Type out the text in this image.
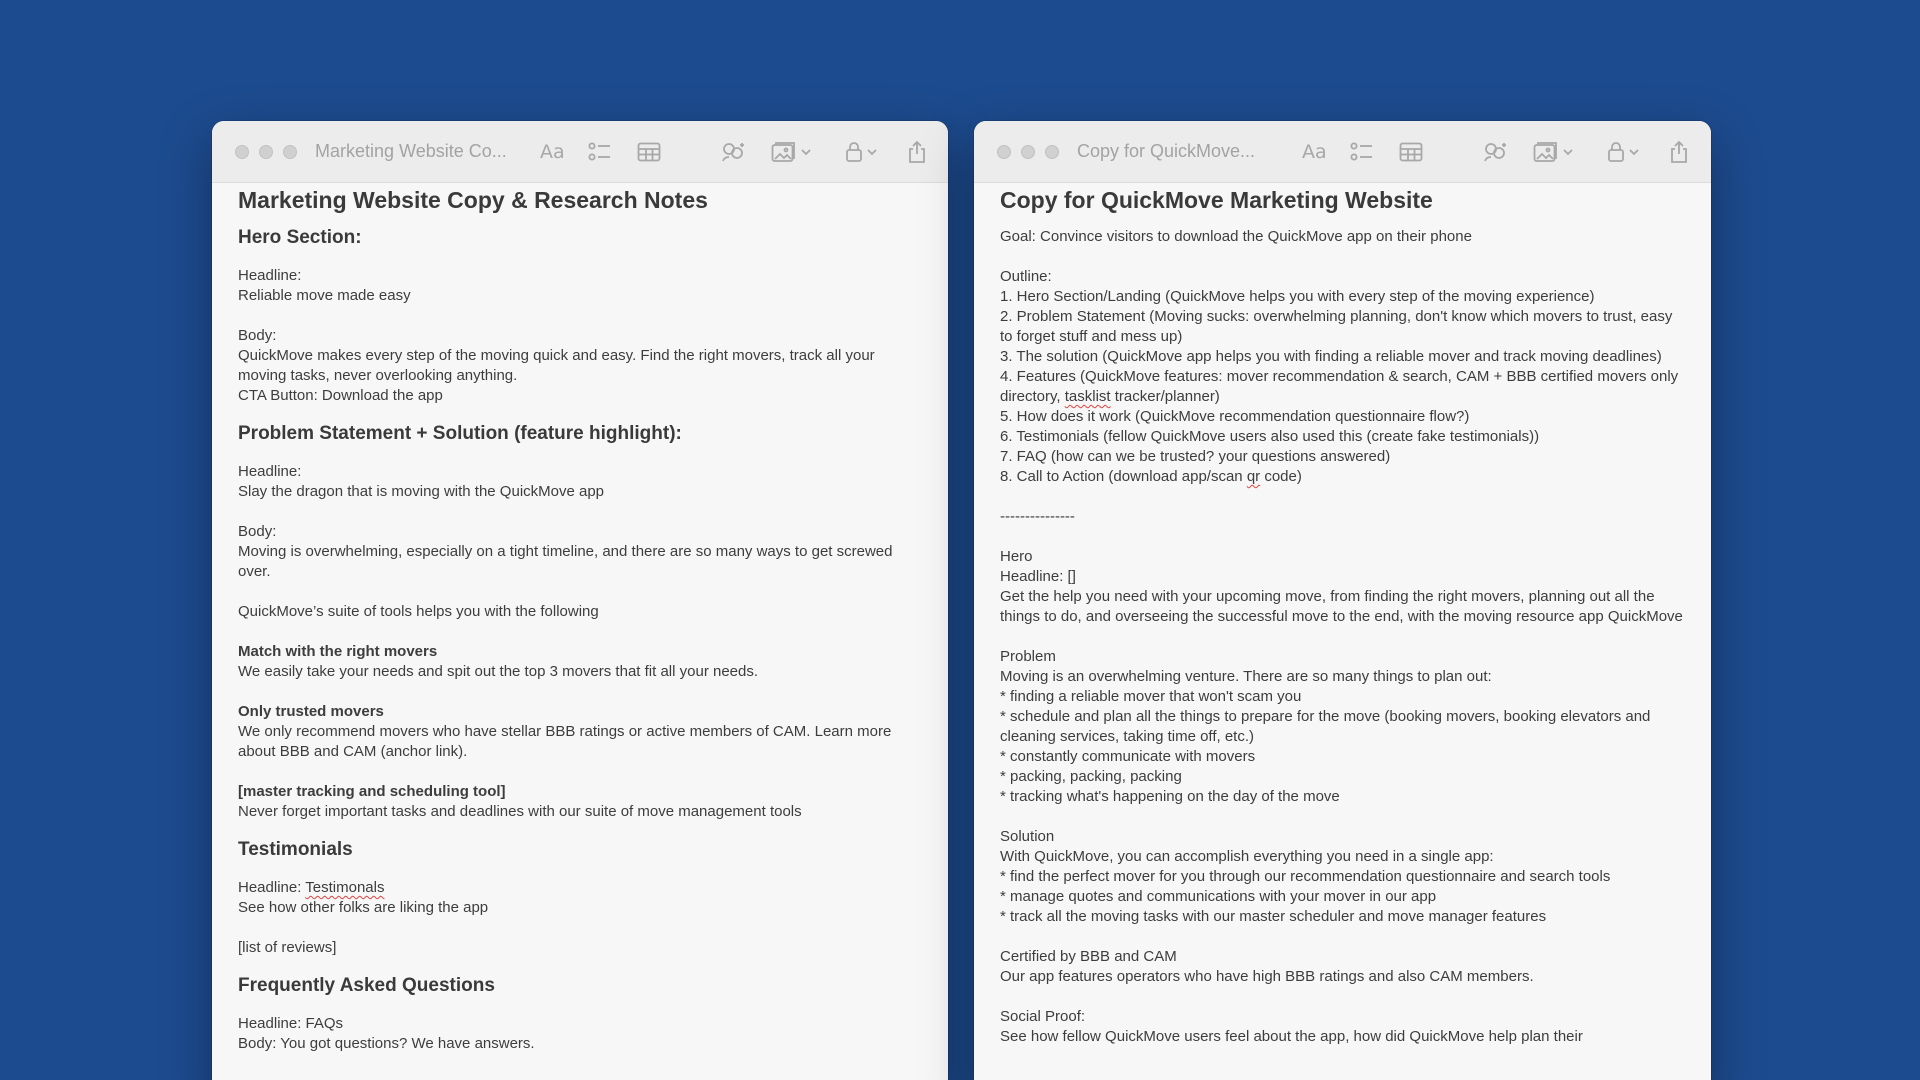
Marketing Website Co...	Aa
Marketing Website Copy & Research Notes
Hero Section:
Headline:
Reliable move made easy
Body:
QuickMove makes every step of the moving quick and easy. Find the right movers, track all your moving tasks, never overlooking anything.
CTA Button: Download the app
Problem Statement + Solution (feature highlight):
Headline:
Slay the dragon that is moving with the QuickMove app
Body:
Moving is overwhelming, especially on a tight timeline, and there are so many ways to get screwed over.
QuickMove’s suite of tools helps you with the following
Match with the right movers
We easily take your needs and spit out the top 3 movers that fit all your needs.
Only trusted movers
We only recommend movers who have stellar BBB ratings or active members of CAM. Learn more about BBB and CAM (anchor link).
[master tracking and scheduling tool]
Never forget important tasks and deadlines with our suite of move management tools
Testimonials
Headline: Testimonals
See how other folks are liking the app
[list of reviews]
Frequently Asked Questions
Headline: FAQs
Body: You got questions? We have answers.
Copy for QuickMove...	Aa
Copy for QuickMove Marketing Website
Goal: Convince visitors to download the QuickMove app on their phone
Outline:
1. Hero Section/Landing (QuickMove helps you with every step of the moving experience)
2. Problem Statement (Moving sucks: overwhelming planning, don't know which movers to trust, easy to forget stuff and mess up)
3. The solution (QuickMove app helps you with finding a reliable mover and track moving deadlines)
4. Features (QuickMove features: mover recommendation & search, CAM + BBB certified movers only directory, tasklist tracker/planner)
5. How does it work (QuickMove recommendation questionnaire flow?)
6. Testimonials (fellow QuickMove users also used this (create fake testimonials))
7. FAQ (how can we be trusted? your questions answered)
8. Call to Action (download app/scan qr code)
---------------
Hero
Headline: []
Get the help you need with your upcoming move, from finding the right movers, planning out all the things to do, and overseeing the successful move to the end, with the moving resource app QuickMove
Problem
Moving is an overwhelming venture. There are so many things to plan out:
* finding a reliable mover that won't scam you
* schedule and plan all the things to prepare for the move (booking movers, booking elevators and cleaning services, taking time off, etc.)
* constantly communicate with movers
* packing, packing, packing
* tracking what's happening on the day of the move
Solution
With QuickMove, you can accomplish everything you need in a single app:
* find the perfect mover for you through our recommendation questionnaire and search tools
* manage quotes and communications with your mover in our app
* track all the moving tasks with our master scheduler and move manager features
Certified by BBB and CAM
Our app features operators who have high BBB ratings and also CAM members.
Social Proof:
See how fellow QuickMove users feel about the app, how did QuickMove help plan their
